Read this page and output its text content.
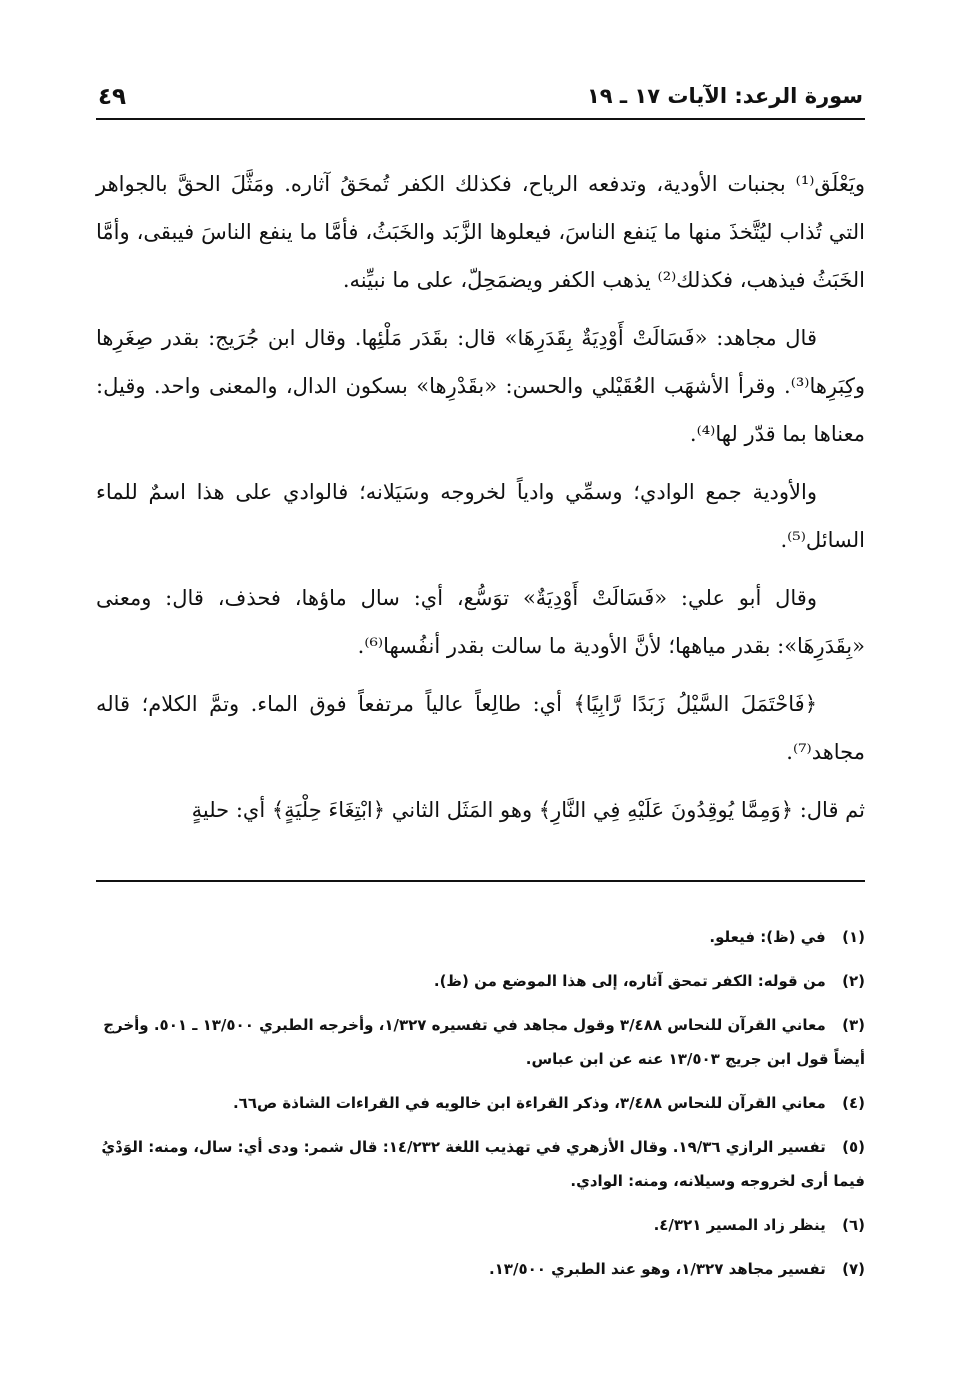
سورة الرعد: الآيات ١٧ ـ ١٩
٤٩

ويَعْلَق⁽¹⁾ بجنبات الأودية، وتدفعه الرياح، فكذلك الكفر تُمحَقُ آثاره. ومَثَّلَ الحقَّ بالجواهر التي تُذاب ليُتَّخذَ منها ما يَنفع الناسَ، فيعلوها الزَّبَد والخَبَثُ، فأمَّا ما ينفع الناسَ فيبقى، وأمَّا الخَبَثُ فيذهب، فكذلك⁽²⁾ يذهب الكفر ويضمَحِلّ، على ما نبيِّنه.

قال مجاهد: «فَسَالَتْ أَوْدِيَةٌ بِقَدَرِهَا» قال: بقَدَر مَلْئِها. وقال ابن جُرَيج: بقدر صِغَرِها وكِبَرِها⁽³⁾. وقرأ الأشهَب العُقَيْلي والحسن: «بقَدْرِها» بسكون الدال، والمعنى واحد. وقيل: معناها بما قدّر لها⁽⁴⁾.

والأودية جمع الوادي؛ وسمِّي وادياً لخروجه وسَيَلانه؛ فالوادي على هذا اسمٌ للماء السائل⁽⁵⁾.

وقال أبو علي: «فَسَالَتْ أَوْدِيَةٌ» توَسُّع، أي: سال ماؤها، فحذف، قال: ومعنى «بِقَدَرِهَا»: بقدر مياهها؛ لأنَّ الأودية ما سالت بقدر أنفُسها⁽⁶⁾.

﴿فَاحْتَمَلَ السَّيْلُ زَبَدًا رَّابِيًا﴾ أي: طالِعاً عالياً مرتفعاً فوق الماء. وتمَّ الكلام؛ قاله مجاهد⁽⁷⁾.

ثم قال: ﴿وَمِمَّا يُوقِدُونَ عَلَيْهِ فِي النَّارِ﴾ وهو المَثَل الثاني ﴿ابْتِغَاءَ حِلْيَةٍ﴾ أي: حليةٍ

(١) في (ظ): فيعلو.
(٢) من قوله: الكفر تمحق آثاره، إلى هذا الموضع من (ظ).
(٣) معاني القرآن للنحاس ٣/٤٨٨ وقول مجاهد في تفسيره ١/٣٢٧، وأخرجه الطبري ١٣/٥٠٠ ـ ٥٠١. وأخرج أيضاً قول ابن جريج ١٣/٥٠٣ عنه عن ابن عباس.
(٤) معاني القرآن للنحاس ٣/٤٨٨، وذكر القراءة ابن خالويه في القراءات الشاذة ص٦٦.
(٥) تفسير الرازي ١٩/٣٦. وقال الأزهري في تهذيب اللغة ١٤/٢٣٢: قال شمر: ودى أي: سال، ومنه: الوَدْيُ فيما أرى لخروجه وسيلانه، ومنه: الوادي.
(٦) ينظر زاد المسير ٤/٣٢١.
(٧) تفسير مجاهد ١/٣٢٧، وهو عند الطبري ١٣/٥٠٠.
